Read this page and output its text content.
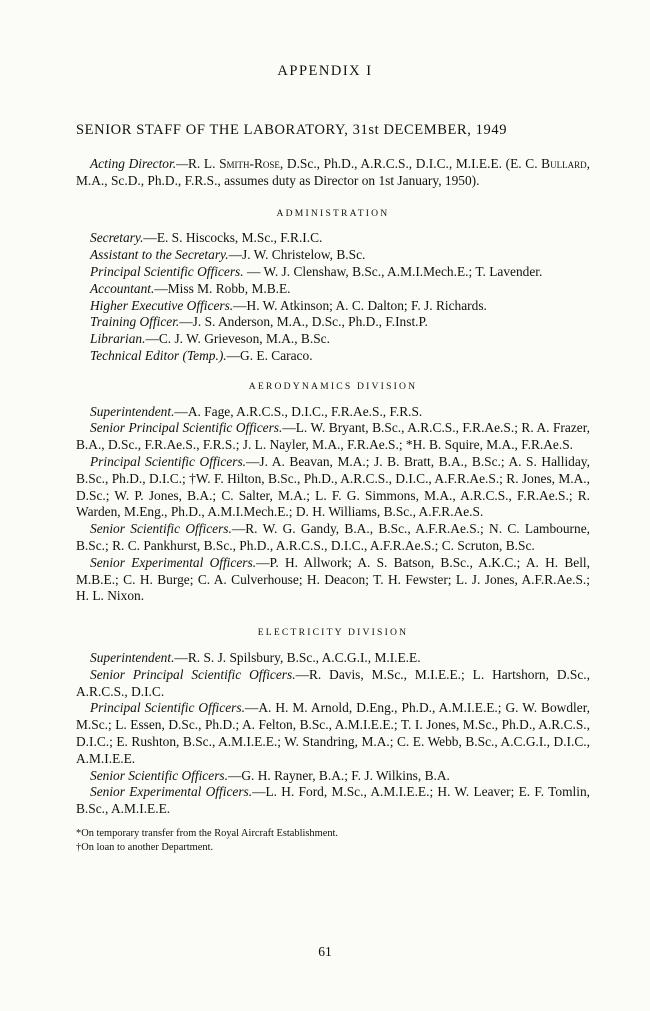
APPENDIX I
SENIOR STAFF OF THE LABORATORY, 31st DECEMBER, 1949

Acting Director.—R. L. Smith-Rose, D.Sc., Ph.D., A.R.C.S., D.I.C., M.I.E.E. (E. C. Bullard, M.A., Sc.D., Ph.D., F.R.S., assumes duty as Director on 1st January, 1950).

ADMINISTRATION

Secretary.—E. S. Hiscocks, M.Sc., F.R.I.C.

Assistant to the Secretary.—J. W. Christelow, B.Sc.

Principal Scientific Officers. — W. J. Clenshaw, B.Sc., A.M.I.Mech.E.; T. Lavender.

Accountant.—Miss M. Robb, M.B.E.

Higher Executive Officers.—H. W. Atkinson; A. C. Dalton; F. J. Richards.

Training Officer.—J. S. Anderson, M.A., D.Sc., Ph.D., F.Inst.P.

Librarian.—C. J. W. Grieveson, M.A., B.Sc.

Technical Editor (Temp.).—G. E. Caraco.

AERODYNAMICS DIVISION

Superintendent.—A. Fage, A.R.C.S., D.I.C., F.R.Ae.S., F.R.S.

Senior Principal Scientific Officers.—L. W. Bryant, B.Sc., A.R.C.S., F.R.Ae.S.; R. A. Frazer, B.A., D.Sc., F.R.Ae.S., F.R.S.; J. L. Nayler, M.A., F.R.Ae.S.; *H. B. Squire, M.A., F.R.Ae.S.

Principal Scientific Officers.—J. A. Beavan, M.A.; J. B. Bratt, B.A., B.Sc.; A. S. Halliday, B.Sc., Ph.D., D.I.C.; †W. F. Hilton, B.Sc., Ph.D., A.R.C.S., D.I.C., A.F.R.Ae.S.; R. Jones, M.A., D.Sc.; W. P. Jones, B.A.; C. Salter, M.A.; L. F. G. Simmons, M.A., A.R.C.S., F.R.Ae.S.; R. Warden, M.Eng., Ph.D., A.M.I.Mech.E.; D. H. Williams, B.Sc., A.F.R.Ae.S.

Senior Scientific Officers.—R. W. G. Gandy, B.A., B.Sc., A.F.R.Ae.S.; N. C. Lambourne, B.Sc.; R. C. Pankhurst, B.Sc., Ph.D., A.R.C.S., D.I.C., A.F.R.Ae.S.; C. Scruton, B.Sc.

Senior Experimental Officers.—P. H. Allwork; A. S. Batson, B.Sc., A.K.C.; A. H. Bell, M.B.E.; C. H. Burge; C. A. Culverhouse; H. Deacon; T. H. Fewster; L. J. Jones, A.F.R.Ae.S.; H. L. Nixon.

ELECTRICITY DIVISION

Superintendent.—R. S. J. Spilsbury, B.Sc., A.C.G.I., M.I.E.E.

Senior Principal Scientific Officers.—R. Davis, M.Sc., M.I.E.E.; L. Hartshorn, D.Sc., A.R.C.S., D.I.C.

Principal Scientific Officers.—A. H. M. Arnold, D.Eng., Ph.D., A.M.I.E.E.; G. W. Bowdler, M.Sc.; L. Essen, D.Sc., Ph.D.; A. Felton, B.Sc., A.M.I.E.E.; T. I. Jones, M.Sc., Ph.D., A.R.C.S., D.I.C.; E. Rushton, B.Sc., A.M.I.E.E.; W. Standring, M.A.; C. E. Webb, B.Sc., A.C.G.I., D.I.C., A.M.I.E.E.

Senior Scientific Officers.—G. H. Rayner, B.A.; F. J. Wilkins, B.A.

Senior Experimental Officers.—L. H. Ford, M.Sc., A.M.I.E.E.; H. W. Leaver; E. F. Tomlin, B.Sc., A.M.I.E.E.

*On temporary transfer from the Royal Aircraft Establishment.
†On loan to another Department.
61
